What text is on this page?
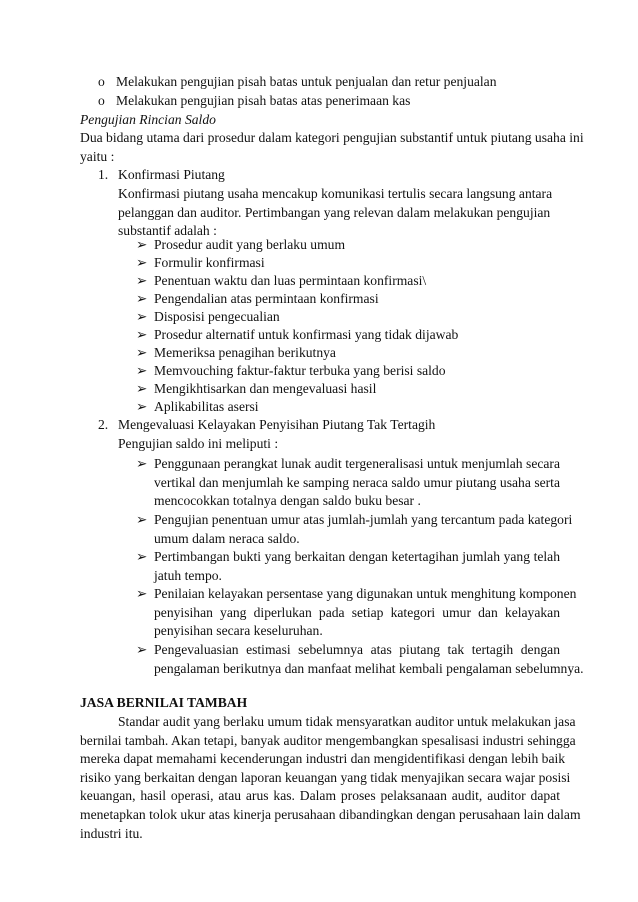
o Melakukan pengujian pisah batas untuk penjualan dan retur penjualan
o Melakukan pengujian pisah batas atas penerimaan kas
Pengujian Rincian Saldo
Dua bidang utama dari prosedur dalam kategori pengujian substantif untuk piutang usaha ini
yaitu :
1. Konfirmasi Piutang
Konfirmasi piutang usaha mencakup komunikasi tertulis secara langsung antara
pelanggan dan auditor. Pertimbangan yang relevan dalam melakukan pengujian
substantif adalah :
➢ Prosedur audit yang berlaku umum
➢ Formulir konfirmasi
➢ Penentuan waktu dan luas permintaan konfirmasi\
➢ Pengendalian atas permintaan konfirmasi
➢ Disposisi pengecualian
➢ Prosedur alternatif untuk konfirmasi yang tidak dijawab
➢ Memeriksa penagihan berikutnya
➢ Memvouching faktur-faktur terbuka yang berisi saldo
➢ Mengikhtisarkan dan mengevaluasi hasil
➢ Aplikabilitas asersi
2. Mengevaluasi Kelayakan Penyisihan Piutang Tak Tertagih
Pengujian saldo ini meliputi :
➢ Penggunaan perangkat lunak audit tergeneralisasi untuk menjumlah secara
vertikal dan menjumlah ke samping neraca saldo umur piutang usaha serta
mencocokkan totalnya dengan saldo buku besar .
➢ Pengujian penentuan umur atas jumlah-jumlah yang tercantum pada kategori
umum dalam neraca saldo.
➢ Pertimbangan bukti yang berkaitan dengan ketertagihan jumlah yang telah
jatuh tempo.
➢ Penilaian kelayakan persentase yang digunakan untuk menghitung komponen
penyisihan yang diperlukan pada setiap kategori umur dan kelayakan
penyisihan secara keseluruhan.
➢ Pengevaluasian estimasi sebelumnya atas piutang tak tertagih dengan
pengalaman berikutnya dan manfaat melihat kembali pengalaman sebelumnya.
JASA BERNILAI TAMBAH
Standar audit yang berlaku umum tidak mensyaratkan auditor untuk melakukan jasa
bernilai tambah. Akan tetapi, banyak auditor mengembangkan spesalisasi industri sehingga
mereka dapat memahami kecenderungan industri dan mengidentifikasi dengan lebih baik
risiko yang berkaitan dengan laporan keuangan yang tidak menyajikan secara wajar posisi
keuangan, hasil operasi, atau arus kas. Dalam proses pelaksanaan audit, auditor dapat
menetapkan tolok ukur atas kinerja perusahaan dibandingkan dengan perusahaan lain dalam
industri itu.
